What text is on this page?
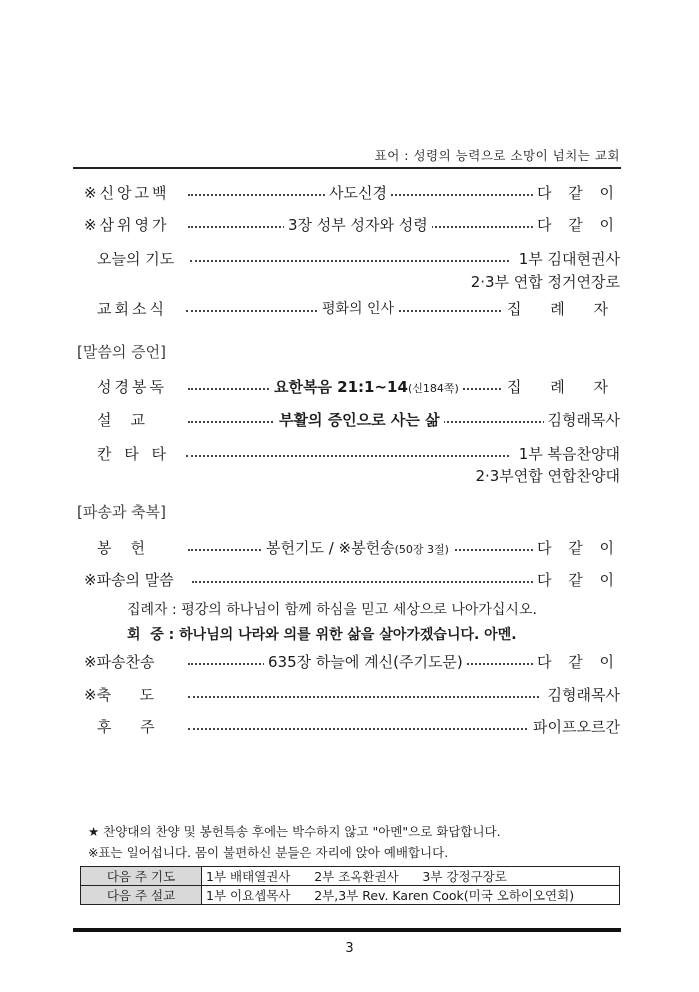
표어 : 성령의 능력으로 소망이 넘치는 교회
※신앙고백	사도신경	다 같 이
※삼위영가	3장 성부 성자와 성령	다 같 이
오늘의 기도	1부 김대현권사
2·3부 연합 정거연장로
교회소식	평화의 인사	집 례 자
[말씀의 증언]
성경봉독	요한복음 21:1~14(신184쪽)	집 례 자
설    교	부활의 증인으로 사는 삶	김형래목사
칸 타 타	1부 복음찬양대
2·3부연합 연합찬양대
[파송과 축복]
봉    헌	봉헌기도 / ※봉헌송(50장 3절)	다 같 이
※파송의 말씀	다 같 이
집례자 : 평강의 하나님이 함께 하심을 믿고 세상으로 나아가십시오.
회  중 : 하나님의 나라와 의를 위한 삶을 살아가겠습니다. 아멘.
※파송찬송	635장 하늘에 계신(주기도문)	다 같 이
※축      도	김형래목사
후      주	파이프오르간
★ 찬양대의 찬양 및 봉헌특송 후에는 박수하지 않고 "아멘"으로 화답합니다.
※표는 일어섭니다. 몸이 불편하신 분들은 자리에 앉아 예배합니다.
다음 주 기도	1부 배태열권사      2부 조옥환권사      3부 강정구장로
다음 주 설교	1부 이요셉목사      2부,3부 Rev. Karen Cook(미국 오하이오연회)
3
